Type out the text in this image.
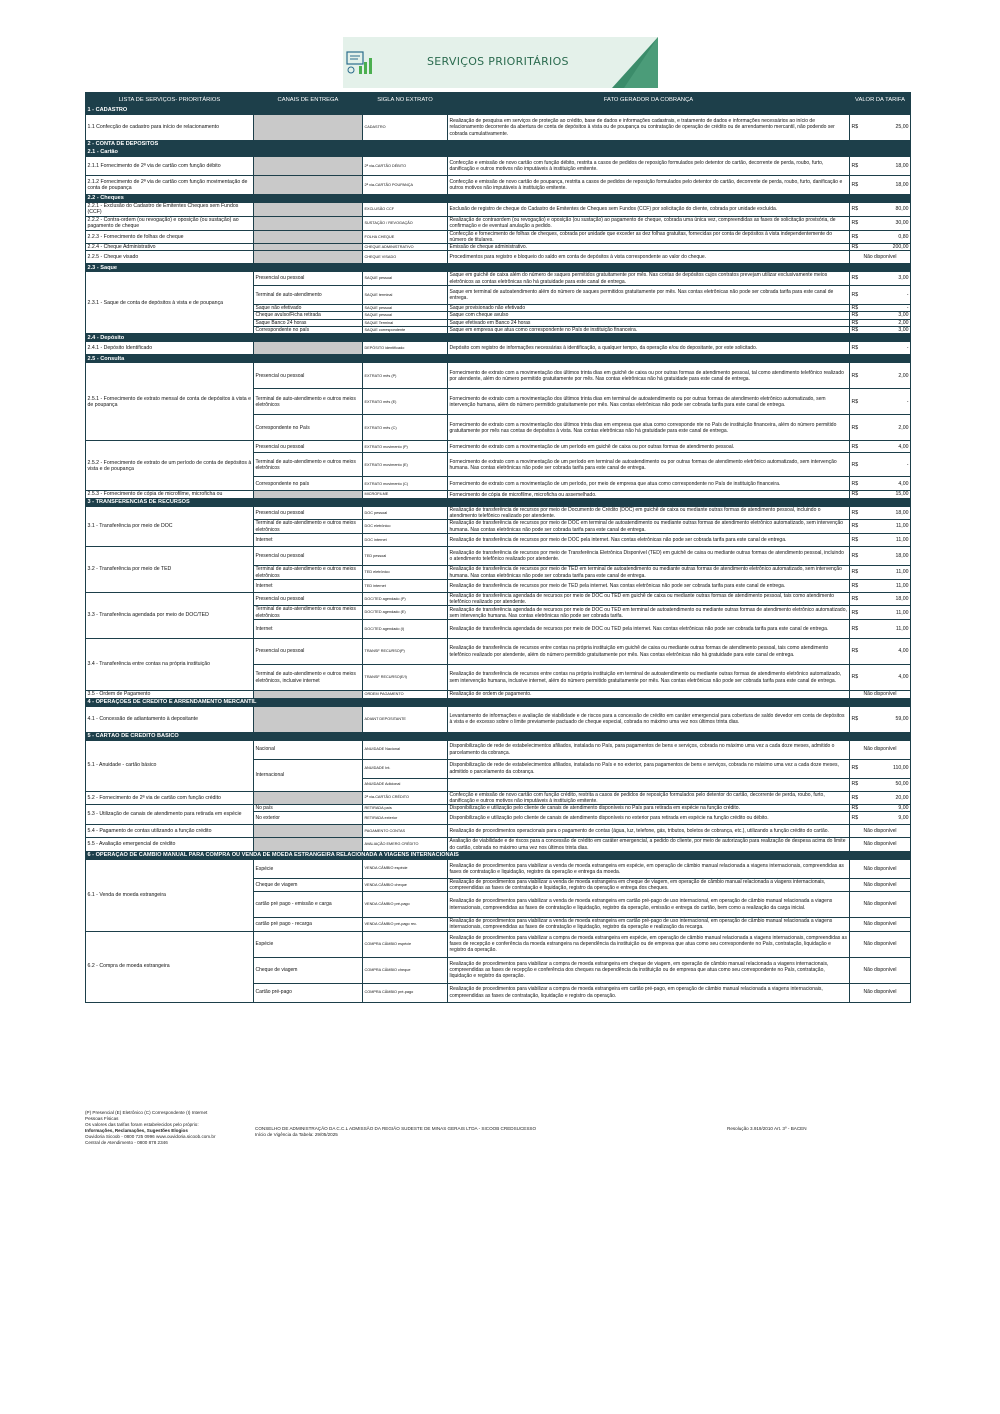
SERVIÇOS PRIORITÁRIOS
LISTA DE SERVIÇOS- PRIORITÁRIOS	CANAIS DE ENTREGA	SIGLA NO EXTRATO	FATO GERADOR DA COBRANÇA	VALOR DA TARIFA
1 - CADASTRO				
1.1 Confecção de cadastro para início de relacionamento		CADASTRO	Realização de pesquisa em serviços de proteção ao crédito, base de dados e informações cadastrais, e tratamento de dados e informações necessários ao início de relacionamento decorrente da abertura de conta de depósitos à vista ou de poupança ou contratação de operação de crédito ou de arrendamento mercantil, não podendo ser cobrada cumulativamente.	R$ 25,00
2 - CONTA DE DEPÓSITOS				
2.1 - Cartão				
2.1.1 Fornecimento de 2ª via de cartão com função débito		2ª via-CARTÃO DÉBITO	Confecção e emissão de novo cartão com função débito, restrita a casos de pedidos de reposição formulados pelo detentor do cartão, decorrente de perda, roubo, furto, danificação e outros motivos não imputáveis à instituição emitente.	R$ 18,00
2.1.2 Fornecimento de 2ª via de cartão com função movimentação de conta de poupança		2ª via-CARTÃO POUPANÇA	Confecção e emissão de novo cartão de poupança, restrita a casos de pedidos de reposição formulados pelo detentor do cartão, decorrente de perda, roubo, furto, danificação e outros motivos não imputáveis à instituição emitente.	R$ 18,00
2.2 - Cheques				
2.2.1 - Exclusão do Cadastro de Emitentes Cheques sem Fundos (CCF)		EXCLUSÃO CCF	Exclusão de registro de cheque do Cadastro de Emitentes de Cheques sem Fundos (CCF) por solicitação do cliente, cobrada por unidade excluída.	R$ 80,00
2.2.2 - Contra-ordem (ou revogação) e oposição (ou sustação) ao pagamento de cheque		SUSTAÇÃO / REVOGAÇÃO	Realização de contraordem (ou revogação) e oposição (ou sustação) ao pagamento de cheque, cobrada uma única vez, compreendidas as fases de solicitação provisória, de confirmação e de eventual anulação a pedido.	R$ 30,00
2.2.3 - Fornecimento de folhas de cheque		FOLHA CHEQUE	Confecção e fornecimento de folhas de cheques, cobrada por unidade que exceder as dez folhas gratuitas, fornecidas por conta de depósitos à vista independentemente do número de titulares.	R$ 0,80
2.2.4 - Cheque Administrativo		CHEQUE ADMINISTRATIVO	Emissão de cheque administrativo.	R$ 200,00
2.2.5 - Cheque visado		CHEQUE VISADO	Procedimentos para registro e bloqueio do saldo em conta de depósitos à vista correspondente ao valor do cheque.	Não disponível
2.3 - Saque				
2.3.1 - Saque de conta de depósitos à vista e de poupança	Presencial ou pessoal	SAQUE pessoal	Saque em guichê de caixa além do número de saques permitidos gratuitamente por mês. Nas contas de depósitos cujos contratos prevejam utilizar exclusivamente meios eletrônicos as contas eletrônicas não há gratuidade para este canal de entrega.	R$ 3,00
	Terminal de auto-atendimento	SAQUE terminal	Saque em terminal de autoatendimento além do número de saques permitidos gratuitamente por mês. Nas contas eletrônicas não pode ser cobrada tarifa para este canal de entrega.	R$ -
	Saque não efetivado	SAQUE pessoal	Saque provisionado não efetivado	R$ -
	Cheque avulso/Ficha retirada	SAQUE pessoal	Saque com cheque avulso	R$ 3,00
	Saque Banco 24 horas	SAQUE Terminal	Saque efetivado em Banco 24 horas	R$ 2,00
	Correspondente no país	SAQUE correspondente	Saque em empresa que atua como correspondente no País de instituição financeira.	R$ 3,00
2.4 - Depósito				
2.4.1 - Depósito Identificado		DEPÓSITO identificado	Depósito com registro de informações necessárias à identificação, a qualquer tempo, da operação e/ou do depositante, por este solicitado.	R$ -
2.5 - Consulta				
2.5.1 - Fornecimento de extrato mensal de conta de depósitos à vista e de poupança	Presencial ou pessoal	EXTRATO mês (P)	Fornecimento de extrato com a movimentação dos últimos trinta dias em guichê de caixa ou por outras formas de atendimento pessoal, tal como atendimento telefônico realizado por atendente, além do número permitido gratuitamente por mês. Nas contas eletrônicas não há gratuidade para este canal de entrega.	R$ 2,00
	Terminal de auto-atendimento e outros meios eletrônicos	EXTRATO mês (E)	Fornecimento de extrato com a movimentação dos últimos trinta dias em terminal de autoatendimento ou por outras formas de atendimento eletrônico automatizado, sem intervenção humana, além do número permitido gratuitamente por mês. Nas contas eletrônicas não pode ser cobrada tarifa para este canal de entrega.	R$ -
	Correspondente no País	EXTRATO mês (C)	Fornecimento de extrato com a movimentação dos últimos trinta dias em empresa que atua como corresponde nte no País de instituição financeira, além do número permitido gratuitamente por mês nas contas de depósitos à vista. Nas contas eletrônicas não há gratuidade para este canal de entrega.	R$ 2,00
2.5.2 - Fornecimento de extrato de um período de conta de depósitos à vista e de poupança	Presencial ou pessoal	EXTRATO movimento (P)	Fornecimento de extrato com a movimentação de um período em guichê de caixa ou por outras formas de atendimento pessoal.	R$ 4,00
	Terminal de auto-atendimento e outros meios eletrônicos	EXTRATO movimento (E)	Fornecimento de extrato com a movimentação de um período em terminal de autoatendimento ou por outras formas de atendimento eletrônico automatizado, sem intervenção humana. Nas contas eletrônicas não pode ser cobrada tarifa para este canal de entrega.	R$ -
	Correspondente no país	EXTRATO movimento (C)	Fornecimento de extrato com a movimentação de um período, por meio de empresa que atua como correspondente no País de instituição financeira.	R$ 4,00
2.5.3 - Fornecimento de cópia de microfilme, microficha ou		MICROFILME	Fornecimento de cópia de microfilme, microficha ou assemelhado.	R$ 15,00
3 - TRANSFERÊNCIAS DE RECURSOS				
3.1 - Transferência por meio de DOC	Presencial ou pessoal	DOC pessoal	Realização de transferência de recursos por meio de Documento de Crédito (DOC) em guichê de caixa ou mediante outras formas de atendimento pessoal, incluindo o atendimento telefônico realizado por atendente.	R$ 18,00
	Terminal de auto-atendimento e outros meios eletrônicos	DOC eletrônico	Realização de transferência de recursos por meio de DOC em terminal de autoatendimento ou mediante outras formas de atendimento eletrônico automatizado, sem intervenção humana. Nas contas eletrônicas não pode ser cobrada tarifa para este canal de entrega.	R$ 11,00
	Internet	DOC internet	Realização de transferência de recursos por meio de DOC pela internet. Nas contas eletrônicas não pode ser cobrada tarifa para este canal de entrega.	R$ 11,00
3.2 - Transferência por meio de TED	Presencial ou pessoal	TED pessoal	Realização de transferência de recursos por meio de Transferência Eletrônica Disponível (TED) em guichê de caixa ou mediante outras formas de atendimento pessoal, incluindo o atendimento telefônico realizado por atendente.	R$ 18,00
	Terminal de auto-atendimento e outros meios eletrônicos	TED eletrônico	Realização de transferência de recursos por meio de TED em terminal de autoatendimento ou mediante outras formas de atendimento eletrônico automatizado, sem intervenção humana. Nas contas eletrônicas não pode ser cobrada tarifa para este canal de entrega.	R$ 11,00
	Internet	TED internet	Realização de transferência de recursos por meio de TED pela internet. Nas contas eletrônicas não pode ser cobrada tarifa para este canal de entrega.	R$ 11,00
3.3 - Transferência agendada por meio de DOC/TED	Presencial ou pessoal	DOC/TED agendado (P)	Realização de transferência agendada de recursos por meio de DOC ou TED em guichê de caixa ou mediante outras formas de atendimento pessoal, tais como atendimento telefônico realizado por atendente.	R$ 18,00
	Terminal de auto-atendimento e outros meios eletrônicos	DOC/TED agendado (E)	Realização de transferência agendada de recursos por meio de DOC ou TED em terminal de autoatendimento ou mediante outras formas de atendimento eletrônico automatizado, sem intervenção humana. Nas contas eletrônicas não pode ser cobrada tarifa.	R$ 11,00
	Internet	DOC/TED agendado (I)	Realização de transferência agendada de recursos por meio de DOC ou TED pela internet. Nas contas eletrônicas não pode ser cobrada tarifa para este canal de entrega.	R$ 11,00
3.4 - Transferência entre contas na própria instituição	Presencial ou pessoal	TRANSF RECURSO(P)	Realização de transferência de recursos entre contas na própria instituição em guichê de caixa ou mediante outras formas de atendimento pessoal, tais como atendimento telefônico realizado por atendente, além do número permitido gratuitamente por mês. Nas contas eletrônicas não há gratuidade para este canal de entrega.	R$ 4,00
	Terminal de auto-atendimento e outros meios eletrônicos, inclusive internet	TRANSF RECURSO(E/I)	Realização de transferência de recursos entre contas na própria instituição em terminal de autoatendimento ou mediante outras formas de atendimento eletrônico automatizado, sem intervenção humana, inclusive internet, além do número permitido gratuitamente por mês. Nas contas eletrônicas não pode ser cobrada tarifa para este canal de entrega.	R$ 4,00
3.5 - Ordem de Pagamento		ORDEM PAGAMENTO	Realização de ordem de pagamento.	Não disponível
4 - OPERAÇÕES DE CRÉDITO E ARRENDAMENTO MERCANTIL				
4.1 - Concessão de adiantamento à depositante		ADIANT DEPOSITANTE	Levantamento de informações e avaliação de viabilidade e de riscos para a concessão de crédito em caráter emergencial para cobertura de saldo devedor em conta de depósitos à vista e de excesso sobre o limite previamente pactuado de cheque especial, cobrada no máximo uma vez nos últimos trinta dias.	R$ 59,00
5 - CARTÃO DE CRÉDITO BÁSICO				
5.1 - Anuidade - cartão básico	Nacional	ANUIDADE Nacional	Disponibilização de rede de estabelecimentos afiliados, instalada no País, para pagamentos de bens e serviços, cobrada no máximo uma vez a cada doze meses, admitido o parcelamento da cobrança.	Não disponível
	Internacional	ANUIDADE Int.	Disponibilização de rede de estabelecimentos afiliados, instalada no País e no exterior, para pagamentos de bens e serviços, cobrada no máximo uma vez a cada doze meses, admitido o parcelamento da cobrança.	R$ 110,00
		ANUIDADE Adicional		R$ 50,00
5.2 - Fornecimento de 2ª via de cartão com função crédito		2ª via-CARTÃO CRÉDITO	Confecção e emissão de novo cartão com função crédito, restrita a casos de pedidos de reposição formulados pelo detentor do cartão, decorrente de perda, roubo, furto, danificação e outros motivos não imputáveis à instituição emitente.	R$ 20,00
5.3 - Utilização de canais de atendimento para retirada em espécie	No país	RETIRADA país	Disponibilização e utilização pelo cliente de canais de atendimento disponíveis no País para retirada em espécie na função crédito.	R$ 9,00
	No exterior	RETIRADA exterior	Disponibilização e utilização pelo cliente de canais de atendimento disponíveis no exterior para retirada em espécie na função crédito ou débito.	R$ 9,00
5.4 - Pagamento de contas utilizando a função crédito		PAGAMENTO CONTAS	Realização de procedimentos operacionais para o pagamento de contas (água, luz, telefone, gás, tributos, boletos de cobrança, etc.), utilizando a função crédito do cartão.	Não disponível
5.5 - Avaliação emergencial de crédito		AVALIAÇÃO EMERG CRÉDITO	Avaliação de viabilidade e de riscos para a concessão de crédito em caráter emergencial, a pedido do cliente, por meio de autorização para realização de despesa acima do limite do cartão, cobrada no máximo uma vez nos últimos trinta dias.	Não disponível
6 - OPERAÇÃO DE CAMBIO MANUAL PARA COMPRA OU VENDA DE MOEDA ESTRANGEIRA RELACIONADA A VIAGENS INTERNACIONAIS				
6.1 - Venda de moeda estrangeira	Espécie	VENDA CÂMBIO espécie	Realização de procedimentos para viabilizar a venda de moeda estrangeira em espécie, em operação de câmbio manual relacionada a viagens internacionais, compreendidas as fases de contratação e liquidação, registro da operação e entrega da moeda.	Não disponível
	Cheque de viagem	VENDA CÂMBIO cheque	Realização de procedimentos para viabilizar a venda de moeda estrangeira em cheque de viagem, em operação de câmbio manual relacionada a viagens internacionais, compreendidas as fases de contratação e liquidação, registro da operação e entrega dos cheques.	Não disponível
	cartão pré pago - emissão e carga	VENDA CÂMBIO pré-pago	Realização de procedimentos para viabilizar a venda de moeda estrangeira em cartão pré-pago de uso internacional, em operação de câmbio manual relacionada a viagens internacionais, compreendidas as fases de contratação e liquidação, registro da operação, emissão e entrega do cartão, bem como a realização da carga inicial.	Não disponível
	cartão pré pago - recarga	VENDA CÂMBIO pré-pago rec.	Realização de procedimentos para viabilizar a venda de moeda estrangeira em cartão pré-pago de uso internacional, em operação de câmbio manual relacionada a viagens internacionais, compreendidas as fases de contratação e liquidação, registro da operação e realização da recarga.	Não disponível
6.2 - Compra de moeda estrangeira	Espécie	COMPRA CÂMBIO espécie	Realização de procedimentos para viabilizar a compra de moeda estrangeira em espécie, em operação de câmbio manual relacionada a viagens internacionais, compreendidas as fases de recepção e conferência da moeda estrangeira na dependência da instituição ou de empresa que atua como seu correspondente no País, contratação, liquidação e registro da operação.	Não disponível
	Cheque de viagem	COMPRA CÂMBIO cheque	Realização de procedimentos para viabilizar a compra de moeda estrangeira em cheque de viagem, em operação de câmbio manual relacionada a viagens internacionais, compreendidas as fases de recepção e conferência dos cheques na dependência da instituição ou de empresa que atua como seu correspondente no País, contratação, liquidação e registro da operação.	Não disponível
	Cartão pré-pago	COMPRA CÂMBIO pré-pago	Realização de procedimentos para viabilizar a compra de moeda estrangeira em cartão pré-pago, em operação de câmbio manual relacionada a viagens internacionais, compreendidas as fases de contratação, liquidação e registro da operação.	Não disponível
(P) Presencial (E) Eletrônico (C) Correspondente (I) Internet
Pessoas Físicas
Os valores das tarifas foram estabelecidos pelo próprio:
Informações, Reclamações, Sugestões Elogios
Ouvidoria Sicoob - 0800 725 0996 www.ouvidoria.sicoob.com.br
Central de Atendimento - 0800 878 2346
CONSELHO DE ADMINISTRAÇÃO DA C.C.L ADMISSÃO DA REGIÃO SUDESTE DE MINAS GERAIS LTDA - SICOOB CREDSUCESSO
Início de Vigência da Tabela: 29/05/2025
Resolução 3.919/2010 Art. 3º - BACEN
